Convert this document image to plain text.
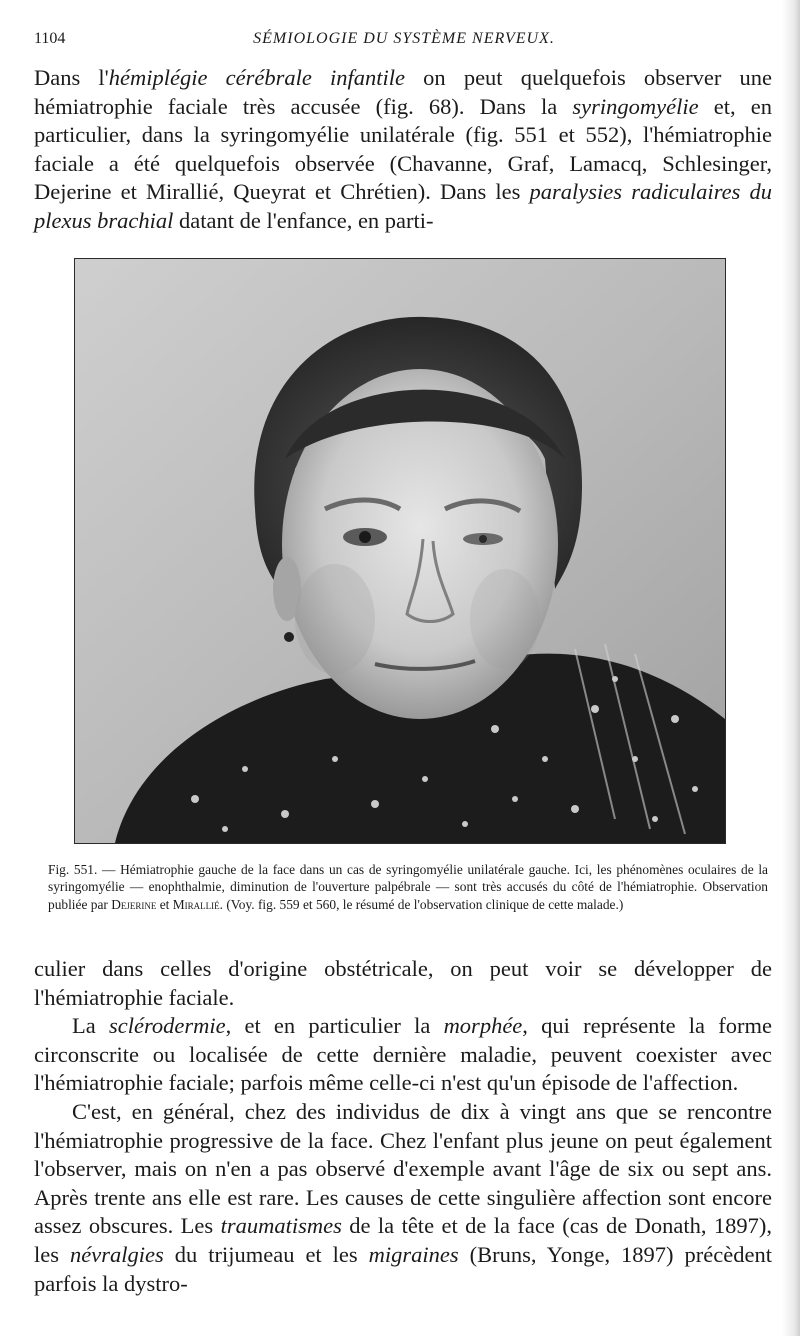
1104	SÉMIOLOGIE DU SYSTÈME NERVEUX.

Dans l'hémiplégie cérébrale infantile on peut quelquefois observer une hémiatrophie faciale très accusée (fig. 68). Dans la syringomyélie et, en particulier, dans la syringomyélie unilatérale (fig. 551 et 552), l'hémiatrophie faciale a été quelquefois observée (Chavanne, Graf, Lamacq, Schlesinger, Dejerine et Mirallié, Queyrat et Chrétien). Dans les paralysies radiculaires du plexus brachial datant de l'enfance, en parti-

Fig. 551. — Hémiatrophie gauche de la face dans un cas de syringomyélie unilatérale gauche. Ici, les phénomènes oculaires de la syringomyélie — enophthalmie, diminution de l'ouverture palpébrale — sont très accusés du côté de l'hémiatrophie. Observation publiée par Dejerine et Mirallié. (Voy. fig. 559 et 560, le résumé de l'observation clinique de cette malade.)

culier dans celles d'origine obstétricale, on peut voir se développer de l'hémiatrophie faciale.

La sclérodermie, et en particulier la morphée, qui représente la forme circonscrite ou localisée de cette dernière maladie, peuvent coexister avec l'hémiatrophie faciale; parfois même celle-ci n'est qu'un épisode de l'affection.

C'est, en général, chez des individus de dix à vingt ans que se rencontre l'hémiatrophie progressive de la face. Chez l'enfant plus jeune on peut également l'observer, mais on n'en a pas observé d'exemple avant l'âge de six ou sept ans. Après trente ans elle est rare. Les causes de cette singulière affection sont encore assez obscures. Les traumatismes de la tête et de la face (cas de Donath, 1897), les névralgies du trijumeau et les migraines (Bruns, Yonge, 1897) précèdent parfois la dystro-
